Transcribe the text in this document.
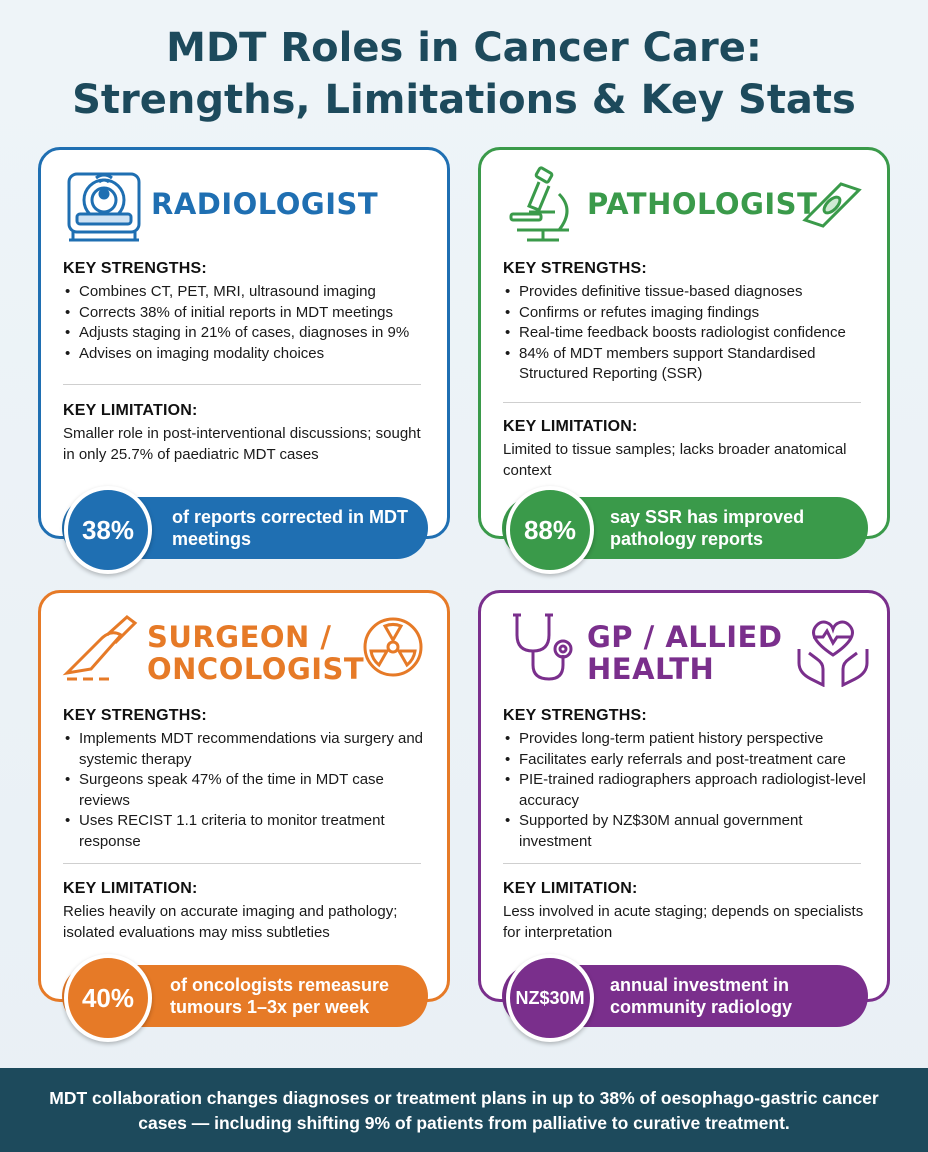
MDT Roles in Cancer Care:
Strengths, Limitations & Key Stats
RADIOLOGIST
KEY STRENGTHS:
• Combines CT, PET, MRI, ultrasound imaging
• Corrects 38% of initial reports in MDT meetings
• Adjusts staging in 21% of cases, diagnoses in 9%
• Advises on imaging modality choices
KEY LIMITATION:

Smaller role in post-interventional discussions; sought in only 25.7% of paediatric MDT cases

of reports corrected in MDT meetings
38%
PATHOLOGIST
KEY STRENGTHS:
• Provides definitive tissue-based diagnoses
• Confirms or refutes imaging findings
• Real-time feedback boosts radiologist confidence
• 84% of MDT members support Standardised Structured Reporting (SSR)
KEY LIMITATION:

Limited to tissue samples; lacks broader anatomical context

say SSR has improved pathology reports
88%
SURGEON /
ONCOLOGIST
KEY STRENGTHS:
• Implements MDT recommendations via surgery and systemic therapy
• Surgeons speak 47% of the time in MDT case reviews
• Uses RECIST 1.1 criteria to monitor treatment response
KEY LIMITATION:

Relies heavily on accurate imaging and pathology; isolated evaluations may miss subtleties

of oncologists remeasure tumours 1–3x per week
40%
GP / ALLIED
HEALTH
KEY STRENGTHS:
• Provides long-term patient history perspective
• Facilitates early referrals and post-treatment care
• PIE-trained radiographers approach radiologist-level accuracy
• Supported by NZ$30M annual government investment
KEY LIMITATION:

Less involved in acute staging; depends on specialists for interpretation

annual investment in community radiology
NZ$30M
MDT collaboration changes diagnoses or treatment plans in up to 38% of oesophago-gastric cancer cases — including shifting 9% of patients from palliative to curative treatment.
